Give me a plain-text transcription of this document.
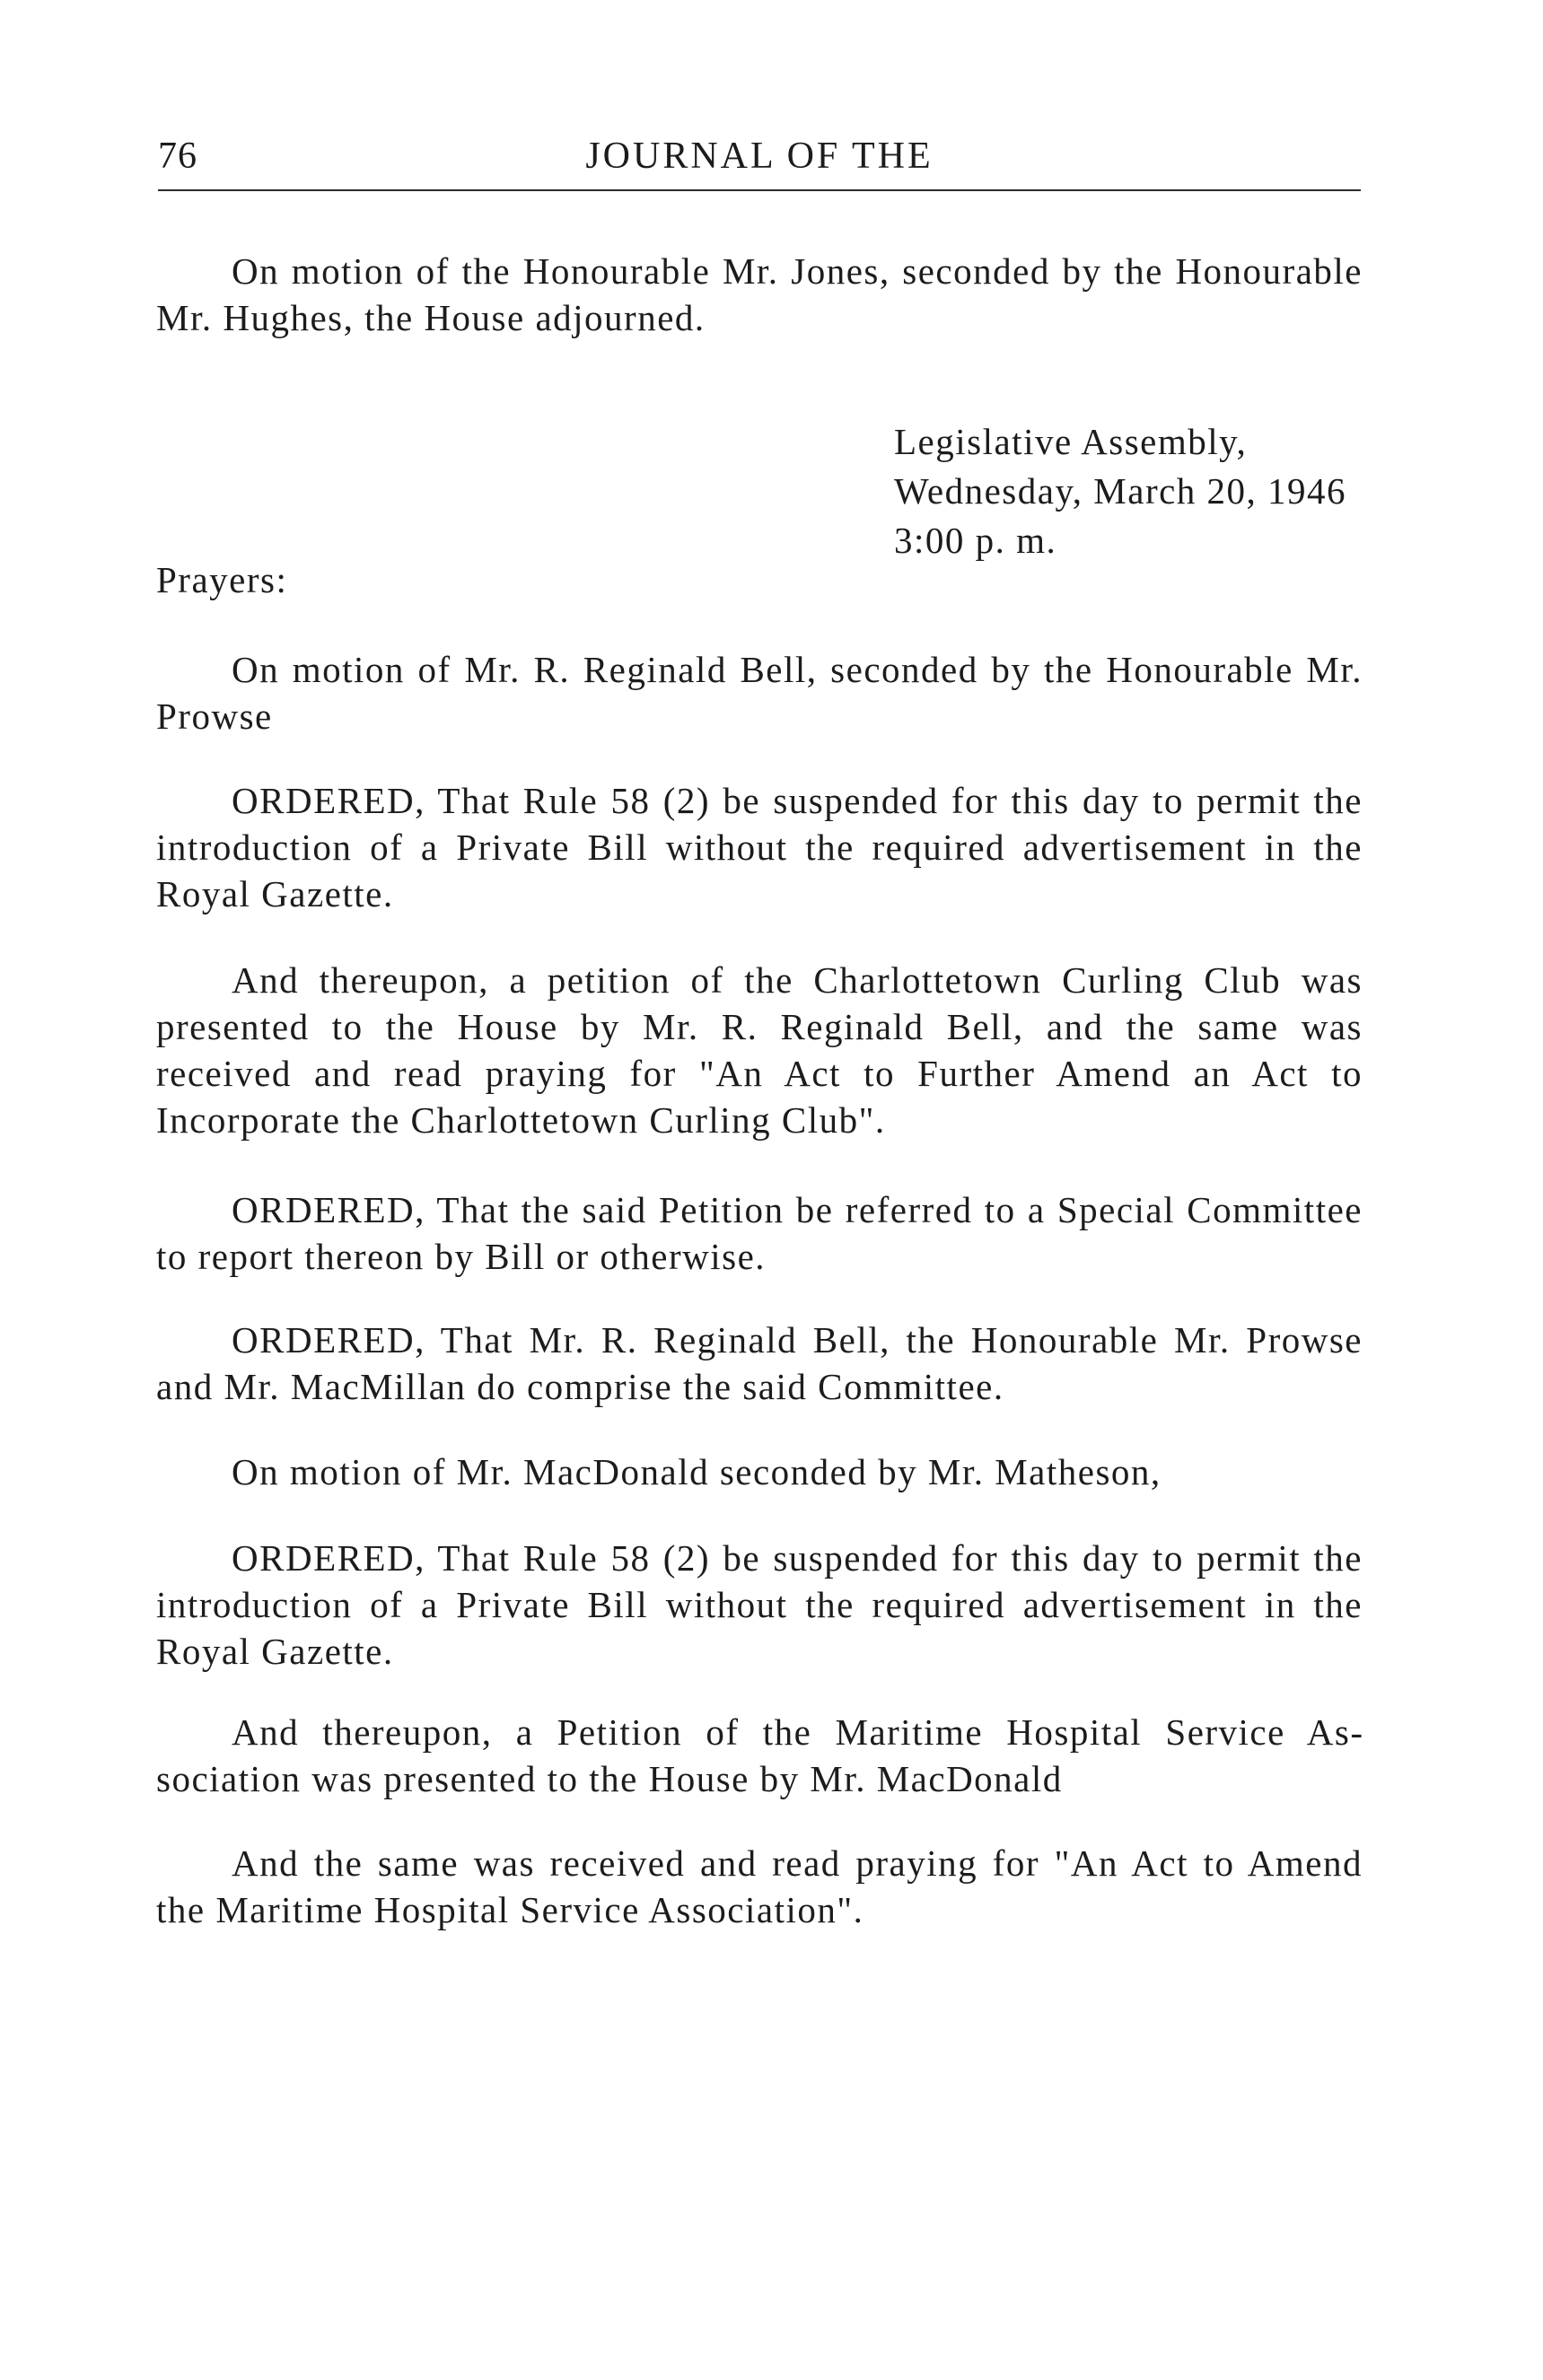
76	JOURNAL OF THE

On motion of the Honourable Mr. Jones, seconded by the Honourable Mr. Hughes, the House adjourned.

Legislative Assembly,
Wednesday, March 20, 1946
3:00 p. m.
Prayers:

On motion of Mr. R. Reginald Bell, seconded by the Honourable Mr. Prowse

ORDERED, That Rule 58 (2) be suspended for this day to permit the introduction of a Private Bill without the required advertisement in the Royal Gazette.

And thereupon, a petition of the Charlottetown Curling Club was presented to the House by Mr. R. Reginald Bell, and the same was received and read praying for "An Act to Further Amend an Act to Incorporate the Charlottetown Curling Club".

ORDERED, That the said Petition be referred to a Special Committee to report thereon by Bill or otherwise.

ORDERED, That Mr. R. Reginald Bell, the Honourable Mr. Prowse and Mr. MacMillan do comprise the said Committee.

On motion of Mr. MacDonald seconded by Mr. Matheson,

ORDERED, That Rule 58 (2) be suspended for this day to permit the introduction of a Private Bill without the required advertisement in the Royal Gazette.

And thereupon, a Petition of the Maritime Hospital Service Association was presented to the House by Mr. MacDonald

And the same was received and read praying for "An Act to Amend the Maritime Hospital Service Association".
